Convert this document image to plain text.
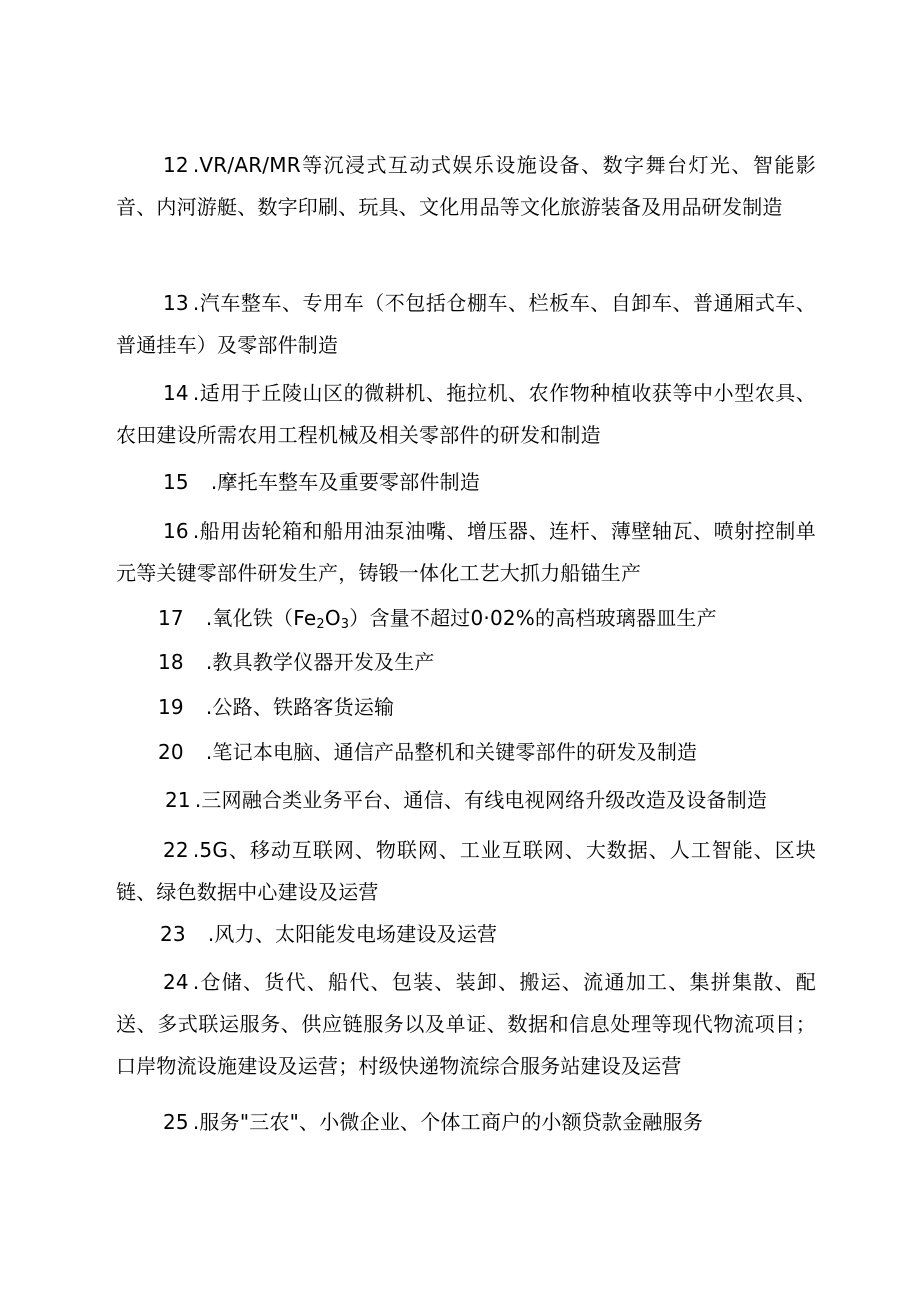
12 .VR/AR/MR等沉浸式互动式娱乐设施设备、数字舞台灯光、智能影音、内河游艇、数字印刷、玩具、文化用品等文化旅游装备及用品研发制造

13 .汽车整车、专用车（不包括仓棚车、栏板车、自卸车、普通厢式车、普通挂车）及零部件制造

14 .适用于丘陵山区的微耕机、拖拉机、农作物种植收获等中小型农具、农田建设所需农用工程机械及相关零部件的研发和制造

15 .摩托车整车及重要零部件制造

16 .船用齿轮箱和船用油泵油嘴、增压器、连杆、薄壁轴瓦、喷射控制单元等关键零部件研发生产，铸锻一体化工艺大抓力船锚生产

17 .氧化铁$(Fe_2O_3)$含量不超过0·02%的高档玻璃器皿生产

18 .教具教学仪器开发及生产

19 .公路、铁路客货运输

20 .笔记本电脑、通信产品整机和关键零部件的研发及制造

21 .三网融合类业务平台、通信、有线电视网络升级改造及设备制造

22 .5G、移动互联网、物联网、工业互联网、大数据、人工智能、区块链、绿色数据中心建设及运营

23 .风力、太阳能发电场建设及运营

24 .仓储、货代、船代、包装、装卸、搬运、流通加工、集拼集散、配送、多式联运服务、供应链服务以及单证、数据和信息处理等现代物流项目；口岸物流设施建设及运营；村级快递物流综合服务站建设及运营

25 .服务"三农"、小微企业、个体工商户的小额贷款金融服务
